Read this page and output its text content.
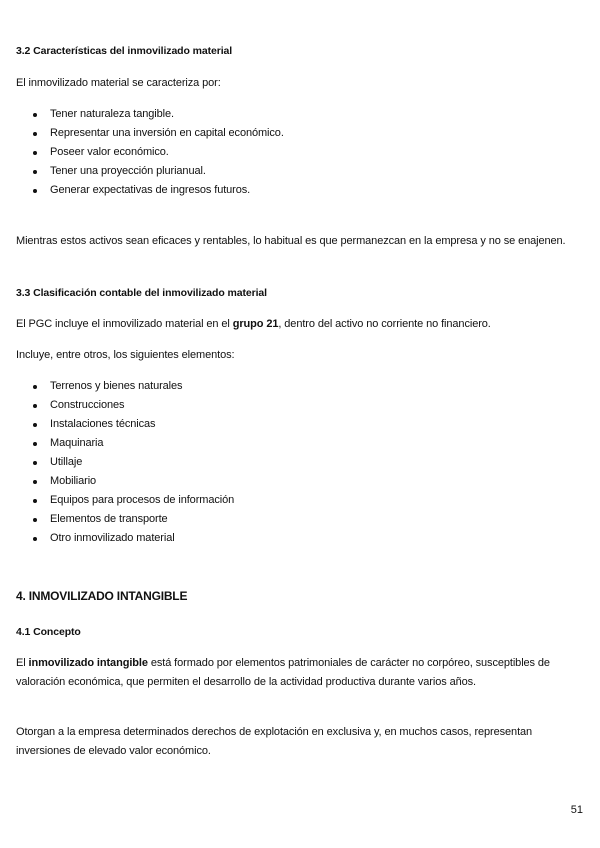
3.2 Características del inmovilizado material

El inmovilizado material se caracteriza por:

Tener naturaleza tangible.
Representar una inversión en capital económico.
Poseer valor económico.
Tener una proyección plurianual.
Generar expectativas de ingresos futuros.

Mientras estos activos sean eficaces y rentables, lo habitual es que permanezcan en la empresa y no se enajenen.

3.3 Clasificación contable del inmovilizado material

El PGC incluye el inmovilizado material en el grupo 21, dentro del activo no corriente no financiero.

Incluye, entre otros, los siguientes elementos:

Terrenos y bienes naturales
Construcciones
Instalaciones técnicas
Maquinaria
Utillaje
Mobiliario
Equipos para procesos de información
Elementos de transporte
Otro inmovilizado material
4. INMOVILIZADO INTANGIBLE
4.1 Concepto

El inmovilizado intangible está formado por elementos patrimoniales de carácter no corpóreo, susceptibles de valoración económica, que permiten el desarrollo de la actividad productiva durante varios años.

Otorgan a la empresa determinados derechos de explotación en exclusiva y, en muchos casos, representan inversiones de elevado valor económico.

51
